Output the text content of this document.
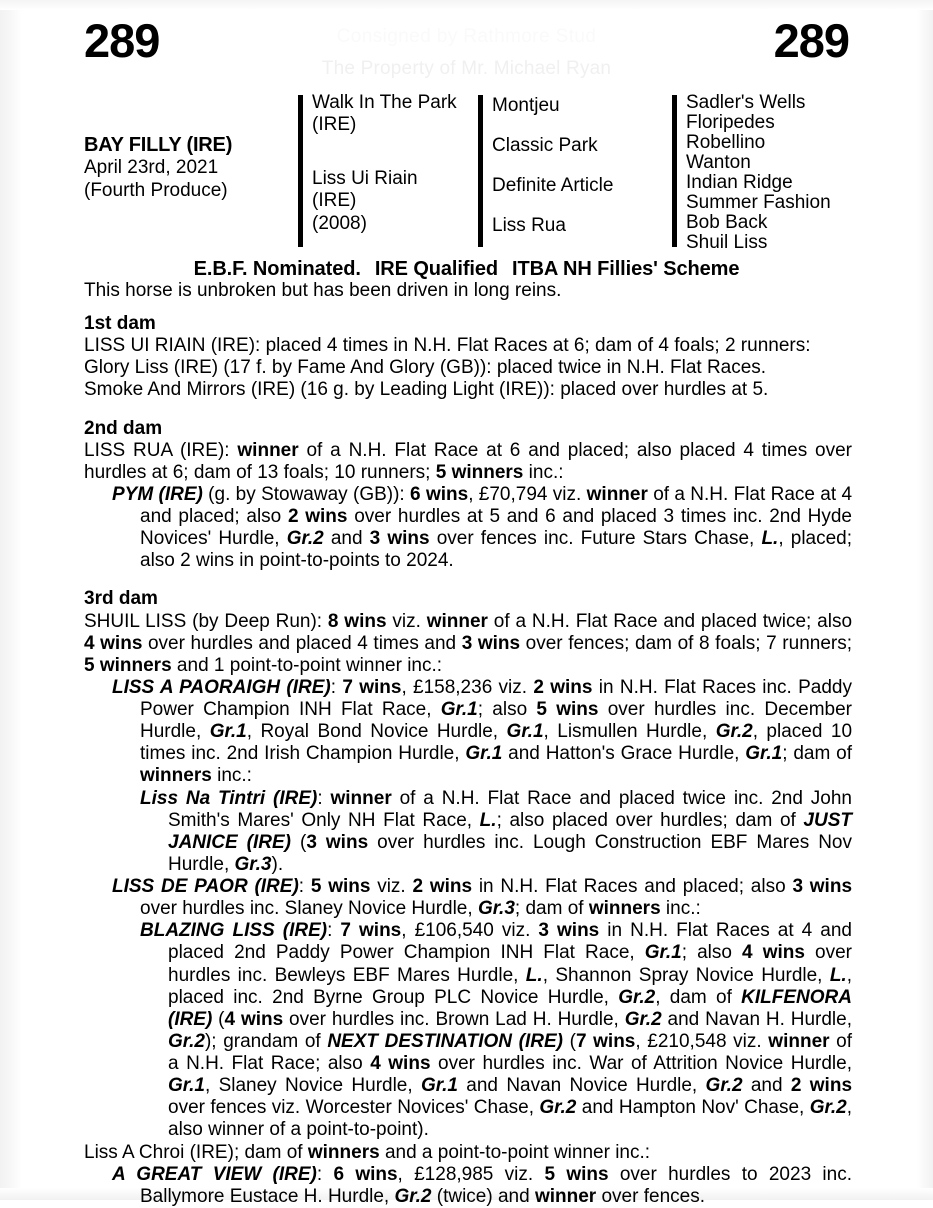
289	289
Consigned by Rathmore Stud
The Property of Mr. Michael Ryan
BAY FILLY (IRE)
April 23rd, 2021
(Fourth Produce)
Walk In The Park
(IRE)
Liss Ui Riain
(IRE)
(2008)
Montjeu
Classic Park
Definite Article
Liss Rua
Sadler's Wells
Floripedes
Robellino
Wanton
Indian Ridge
Summer Fashion
Bob Back
Shuil Liss
E.B.F. Nominated. IRE Qualified ITBA NH Fillies' Scheme
This horse is unbroken but has been driven in long reins.
1st dam

LISS UI RIAIN (IRE): placed 4 times in N.H. Flat Races at 6; dam of 4 foals; 2 runners:

Glory Liss (IRE) (17 f. by Fame And Glory (GB)): placed twice in N.H. Flat Races.

Smoke And Mirrors (IRE) (16 g. by Leading Light (IRE)): placed over hurdles at 5.

2nd dam

LISS RUA (IRE): winner of a N.H. Flat Race at 6 and placed; also placed 4 times over hurdles at 6; dam of 13 foals; 10 runners; 5 winners inc.:

PYM (IRE) (g. by Stowaway (GB)): 6 wins, £70,794 viz. winner of a N.H. Flat Race at 4 and placed; also 2 wins over hurdles at 5 and 6 and placed 3 times inc. 2nd Hyde Novices' Hurdle, Gr.2 and 3 wins over fences inc. Future Stars Chase, L., placed; also 2 wins in point-to-points to 2024.

3rd dam

SHUIL LISS (by Deep Run): 8 wins viz. winner of a N.H. Flat Race and placed twice; also 4 wins over hurdles and placed 4 times and 3 wins over fences; dam of 8 foals; 7 runners; 5 winners and 1 point-to-point winner inc.:

LISS A PAORAIGH (IRE): 7 wins, £158,236 viz. 2 wins in N.H. Flat Races inc. Paddy Power Champion INH Flat Race, Gr.1; also 5 wins over hurdles inc. December Hurdle, Gr.1, Royal Bond Novice Hurdle, Gr.1, Lismullen Hurdle, Gr.2, placed 10 times inc. 2nd Irish Champion Hurdle, Gr.1 and Hatton's Grace Hurdle, Gr.1; dam of winners inc.:

Liss Na Tintri (IRE): winner of a N.H. Flat Race and placed twice inc. 2nd John Smith's Mares' Only NH Flat Race, L.; also placed over hurdles; dam of JUST JANICE (IRE) (3 wins over hurdles inc. Lough Construction EBF Mares Nov Hurdle, Gr.3).

LISS DE PAOR (IRE): 5 wins viz. 2 wins in N.H. Flat Races and placed; also 3 wins over hurdles inc. Slaney Novice Hurdle, Gr.3; dam of winners inc.:

BLAZING LISS (IRE): 7 wins, £106,540 viz. 3 wins in N.H. Flat Races at 4 and placed 2nd Paddy Power Champion INH Flat Race, Gr.1; also 4 wins over hurdles inc. Bewleys EBF Mares Hurdle, L., Shannon Spray Novice Hurdle, L., placed inc. 2nd Byrne Group PLC Novice Hurdle, Gr.2, dam of KILFENORA (IRE) (4 wins over hurdles inc. Brown Lad H. Hurdle, Gr.2 and Navan H. Hurdle, Gr.2); grandam of NEXT DESTINATION (IRE) (7 wins, £210,548 viz. winner of a N.H. Flat Race; also 4 wins over hurdles inc. War of Attrition Novice Hurdle, Gr.1, Slaney Novice Hurdle, Gr.1 and Navan Novice Hurdle, Gr.2 and 2 wins over fences viz. Worcester Novices' Chase, Gr.2 and Hampton Nov' Chase, Gr.2, also winner of a point-to-point).

Liss A Chroi (IRE); dam of winners and a point-to-point winner inc.:

A GREAT VIEW (IRE): 6 wins, £128,985 viz. 5 wins over hurdles to 2023 inc. Ballymore Eustace H. Hurdle, Gr.2 (twice) and winner over fences.
